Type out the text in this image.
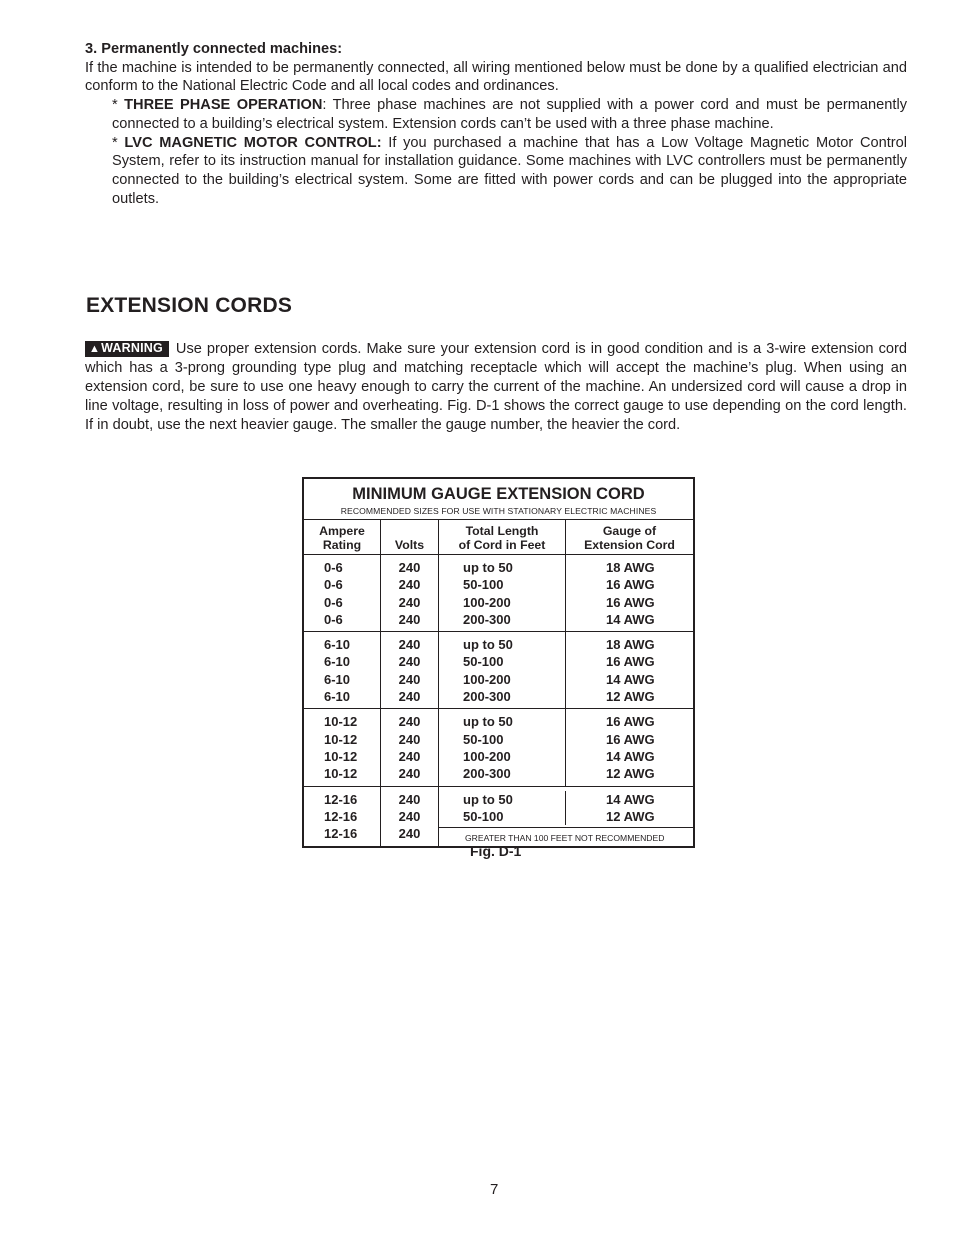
3. Permanently connected machines:

If the machine is intended to be permanently connected, all wiring mentioned below must be done by a qualified electrician and conform to the National Electric Code and all local codes and ordinances.

* THREE PHASE OPERATION: Three phase machines are not supplied with a power cord and must be permanently connected to a building’s electrical system. Extension cords can’t be used with a three phase machine.

* LVC MAGNETIC MOTOR CONTROL: If you purchased a machine that has a Low Voltage Magnetic Motor Control System, refer to its instruction manual for installation guidance. Some machines with LVC controllers must be permanently connected to the building’s electrical system. Some are fitted with power cords and can be plugged into the appropriate outlets.

EXTENSION CORDS

▲WARNING Use proper extension cords. Make sure your extension cord is in good condition and is a 3-wire extension cord which has a 3-prong grounding type plug and matching receptacle which will accept the machine’s plug. When using an extension cord, be sure to use one heavy enough to carry the current of the machine. An undersized cord will cause a drop in line voltage, resulting in loss of power and overheating. Fig. D-1 shows the correct gauge to use depending on the cord length. If in doubt, use the next heavier gauge. The smaller the gauge number, the heavier the cord.

MINIMUM GAUGE EXTENSION CORD
RECOMMENDED SIZES FOR USE WITH STATIONARY ELECTRIC MACHINES
Ampere
Rating	Volts
Total Length
of Cord in Feet
Gauge of
Extension Cord
0-6
0-6
0-6
0-6
240
240
240
240
up to 50
50-100
100-200
200-300
18 AWG
16 AWG
16 AWG
14 AWG
6-10
6-10
6-10
6-10
240
240
240
240
up to 50
50-100
100-200
200-300
18 AWG
16 AWG
14 AWG
12 AWG
10-12
10-12
10-12
10-12
240
240
240
240
up to 50
50-100
100-200
200-300
16 AWG
16 AWG
14 AWG
12 AWG
12-16
12-16
12-16
240
240
240
up to 50
50-100
14 AWG
12 AWG
GREATER THAN 100 FEET NOT RECOMMENDED

Fig. D-1

7
